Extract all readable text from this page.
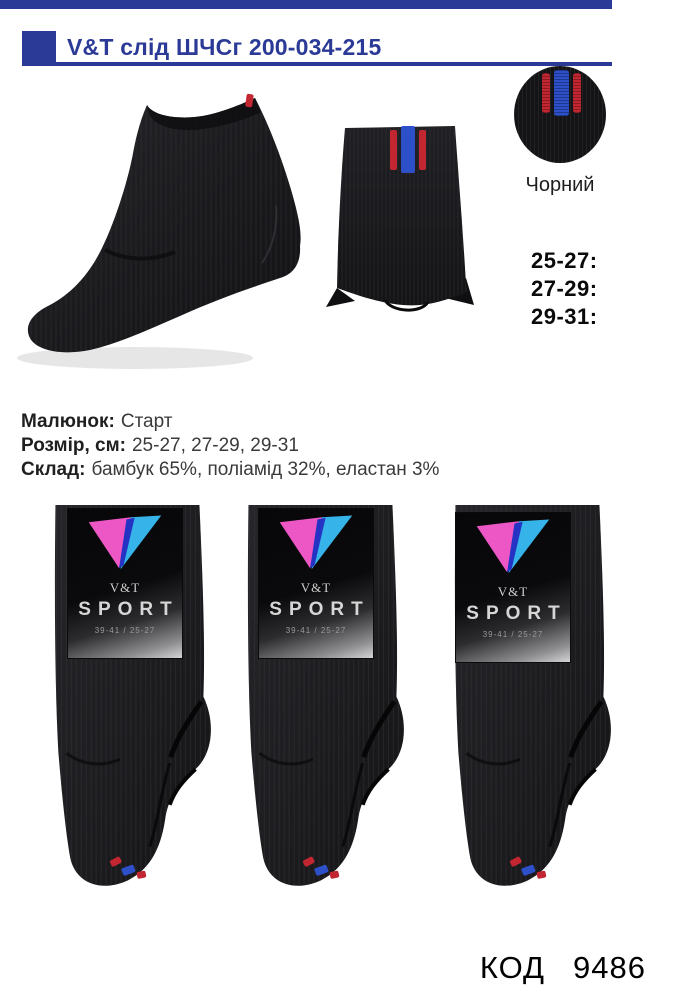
V&T слід ШЧСг 200-034-215
Чорний
25-27:
27-29:
29-31:
Малюнок: Старт
Розмір, см: 25-27, 27-29, 29-31
Склад: бамбук 65%, поліамід 32%, еластан 3%
V&T
SPORT
39-41 / 25-27
V&T
SPORT
39-41 / 25-27
V&T
SPORT
39-41 / 25-27
КОД 9486
